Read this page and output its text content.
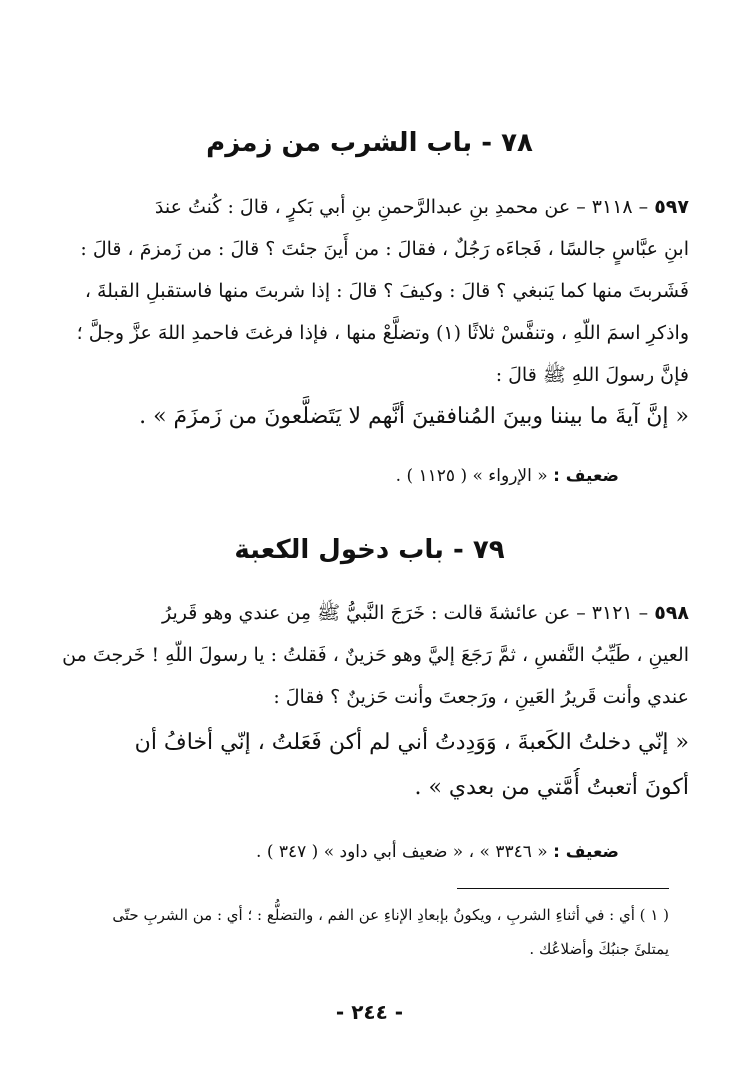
٧٨ - باب الشرب من زمزم
٥٩٧ – ٣١١٨ – عن محمدِ بنِ عبدالرَّحمنِ بنِ أبي بَكرٍ ، قالَ : كُنتُ عندَ
ابنِ عبَّاسٍ جالسًا ، فَجاءَه رَجُلٌ ، فقالَ : من أَينَ جئتَ ؟ قالَ : من زَمزمَ ، قالَ :
فَشَربتَ منها كما يَنبغي ؟ قالَ : وكيفَ ؟ قالَ : إذا شربتَ منها فاستقبلِ القبلةَ ،
واذكرِ اسمَ اللّهِ ، وتنفَّسْ ثلاثًا (١) وتضلَّعْ منها ، فإذا فرغتَ فاحمدِ اللهَ عزَّ وجلَّ ؛
فإنَّ رسولَ اللهِ ﷺ قالَ :
« إنَّ آيةَ ما بيننا وبينَ المُنافقينَ أنَّهم لا يَتَضلَّعونَ من زَمزَمَ » .
ضعيف : « الإرواء » ( ١١٢٥ ) .
٧٩ - باب دخول الكعبة
٥٩٨ – ٣١٢١ – عن عائشةَ قالت : خَرَجَ النَّبيُّ ﷺ مِن عندي وهو قَريرُ
العينِ ، طَيِّبُ النَّفسِ ، ثمَّ رَجَعَ إليَّ وهو حَزينٌ ، فَقلتُ : يا رسولَ اللّهِ ! خَرجتَ من
عندي وأنت قَريرُ العَينِ ، ورَجعتَ وأنت حَزينٌ ؟ فقالَ :
« إنّي دخلتُ الكَعبةَ ، وَوَدِدتُ أني لم أكن فَعَلتُ ، إنّي أخافُ أن
أكونَ أتعبتُ أُمَّتي من بعدي » .
ضعيف : « ٣٣٤٦ » ، « ضعيف أبي داود » ( ٣٤٧ ) .
( ١ ) أي : في أثناءِ الشربِ ، ويكونُ بإبعادِ الإناءِ عن الفم ، والتضلُّع : ؛ أي : من الشربِ حتّى
يمتلئَ جنبُكَ وأضلاعُك .
- ٢٤٤ -
